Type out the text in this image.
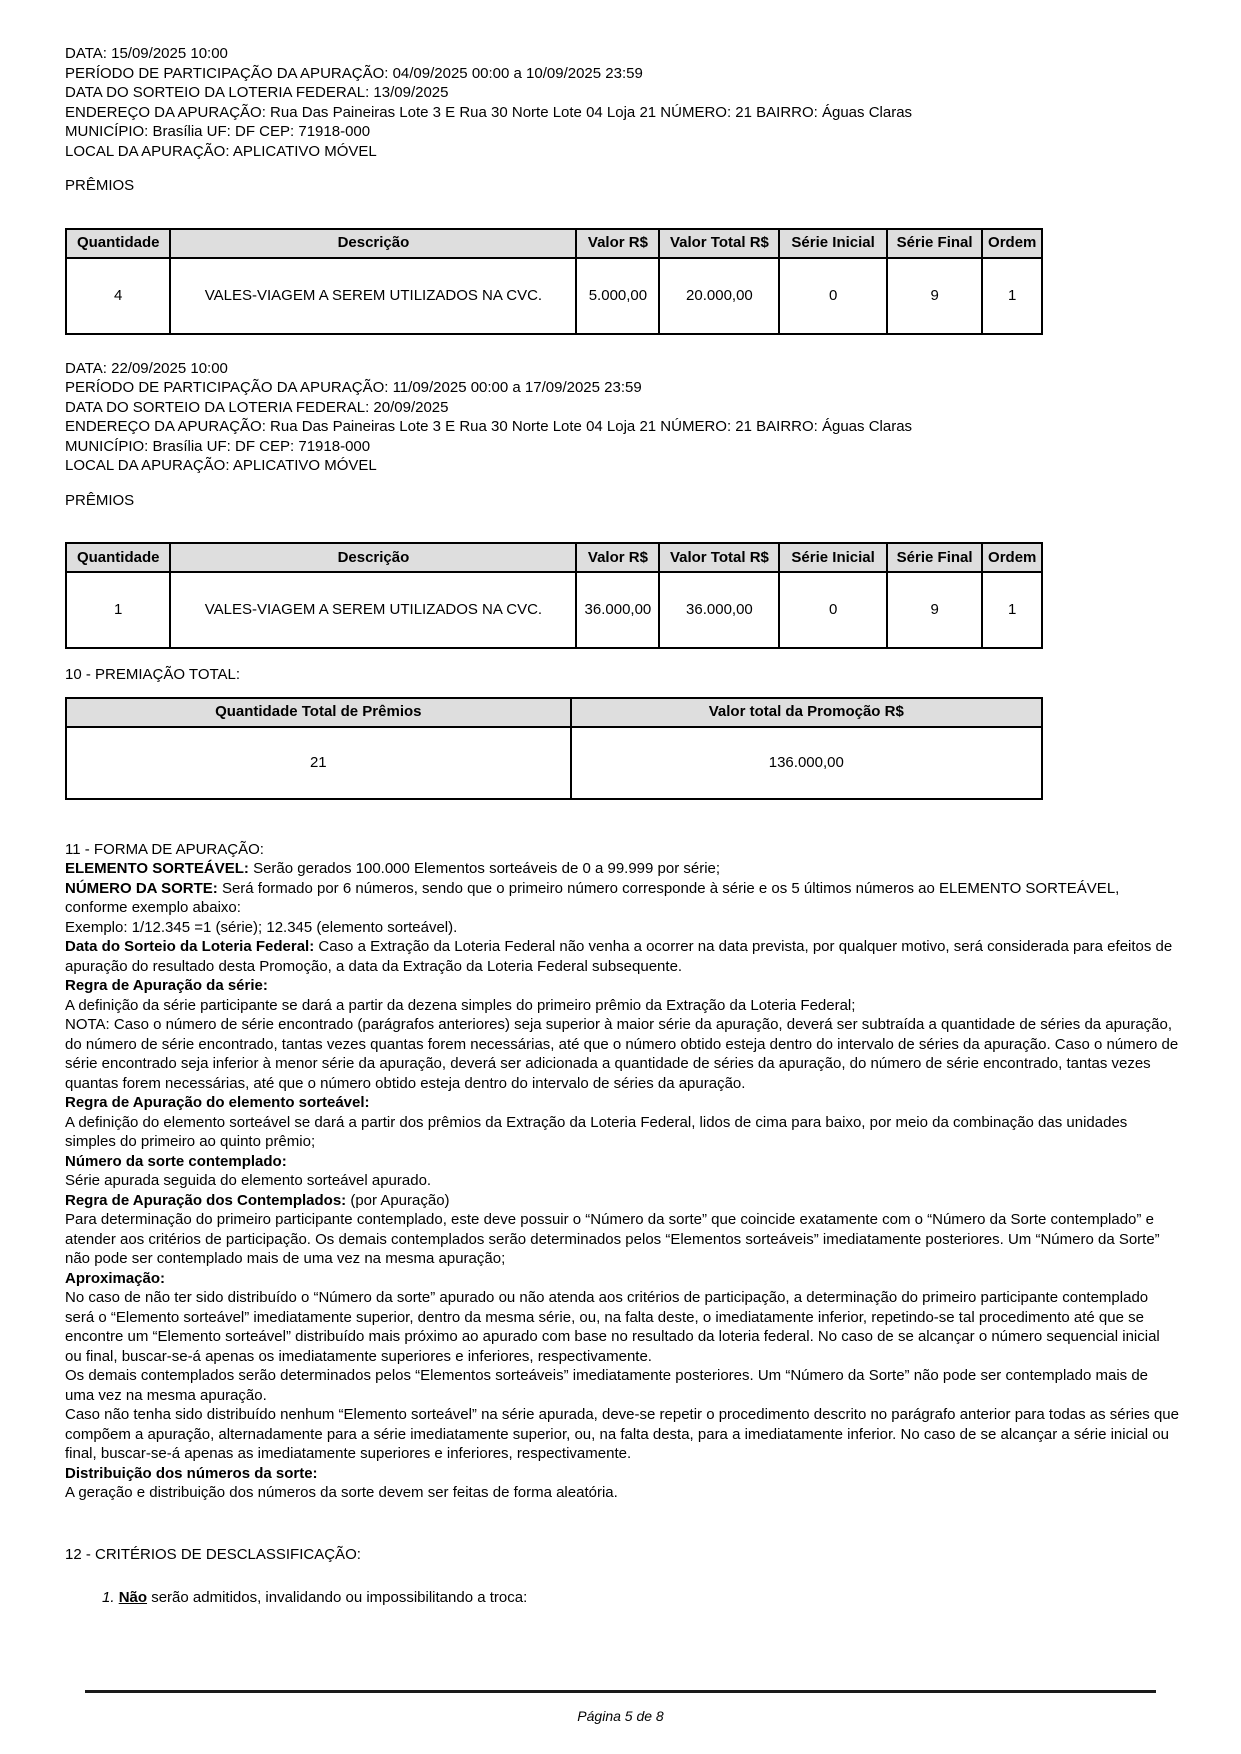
DATA: 15/09/2025 10:00

PERÍODO DE PARTICIPAÇÃO DA APURAÇÃO: 04/09/2025 00:00 a 10/09/2025 23:59

DATA DO SORTEIO DA LOTERIA FEDERAL: 13/09/2025

ENDEREÇO DA APURAÇÃO: Rua Das Paineiras Lote 3 E Rua 30 Norte Lote 04 Loja 21 NÚMERO: 21 BAIRRO: Águas Claras

MUNICÍPIO: Brasília UF: DF CEP: 71918-000

LOCAL DA APURAÇÃO: APLICATIVO MÓVEL

PRÊMIOS

Quantidade	Descrição	Valor R$	Valor Total R$	Série Inicial	Série Final	Ordem
4	VALES-VIAGEM A SEREM UTILIZADOS NA CVC.	5.000,00	20.000,00	0	9	1

DATA: 22/09/2025 10:00

PERÍODO DE PARTICIPAÇÃO DA APURAÇÃO: 11/09/2025 00:00 a 17/09/2025 23:59

DATA DO SORTEIO DA LOTERIA FEDERAL: 20/09/2025

ENDEREÇO DA APURAÇÃO: Rua Das Paineiras Lote 3 E Rua 30 Norte Lote 04 Loja 21 NÚMERO: 21 BAIRRO: Águas Claras

MUNICÍPIO: Brasília UF: DF CEP: 71918-000

LOCAL DA APURAÇÃO: APLICATIVO MÓVEL

PRÊMIOS

Quantidade	Descrição	Valor R$	Valor Total R$	Série Inicial	Série Final	Ordem
1	VALES-VIAGEM A SEREM UTILIZADOS NA CVC.	36.000,00	36.000,00	0	9	1

10 - PREMIAÇÃO TOTAL:

Quantidade Total de Prêmios	Valor total da Promoção R$
21	136.000,00

11 - FORMA DE APURAÇÃO:

ELEMENTO SORTEÁVEL: Serão gerados 100.000 Elementos sorteáveis de 0 a 99.999 por série;

NÚMERO DA SORTE: Será formado por 6 números, sendo que o primeiro número corresponde à série e os 5 últimos números ao ELEMENTO SORTEÁVEL, conforme exemplo abaixo:

Exemplo: 1/12.345 =1 (série); 12.345 (elemento sorteável).

Data do Sorteio da Loteria Federal: Caso a Extração da Loteria Federal não venha a ocorrer na data prevista, por qualquer motivo, será considerada para efeitos de apuração do resultado desta Promoção, a data da Extração da Loteria Federal subsequente.

Regra de Apuração da série:

A definição da série participante se dará a partir da dezena simples do primeiro prêmio da Extração da Loteria Federal;

NOTA: Caso o número de série encontrado (parágrafos anteriores) seja superior à maior série da apuração, deverá ser subtraída a quantidade de séries da apuração, do número de série encontrado, tantas vezes quantas forem necessárias, até que o número obtido esteja dentro do intervalo de séries da apuração. Caso o número de série encontrado seja inferior à menor série da apuração, deverá ser adicionada a quantidade de séries da apuração, do número de série encontrado, tantas vezes quantas forem necessárias, até que o número obtido esteja dentro do intervalo de séries da apuração.

Regra de Apuração do elemento sorteável:

A definição do elemento sorteável se dará a partir dos prêmios da Extração da Loteria Federal, lidos de cima para baixo, por meio da combinação das unidades simples do primeiro ao quinto prêmio;

Número da sorte contemplado:

Série apurada seguida do elemento sorteável apurado.

Regra de Apuração dos Contemplados: (por Apuração)

Para determinação do primeiro participante contemplado, este deve possuir o “Número da sorte” que coincide exatamente com o “Número da Sorte contemplado” e atender aos critérios de participação. Os demais contemplados serão determinados pelos “Elementos sorteáveis” imediatamente posteriores. Um “Número da Sorte” não pode ser contemplado mais de uma vez na mesma apuração;

Aproximação:

No caso de não ter sido distribuído o “Número da sorte” apurado ou não atenda aos critérios de participação, a determinação do primeiro participante contemplado será o “Elemento sorteável” imediatamente superior, dentro da mesma série, ou, na falta deste, o imediatamente inferior, repetindo-se tal procedimento até que se encontre um “Elemento sorteável” distribuído mais próximo ao apurado com base no resultado da loteria federal. No caso de se alcançar o número sequencial inicial ou final, buscar-se-á apenas os imediatamente superiores e inferiores, respectivamente.

Os demais contemplados serão determinados pelos “Elementos sorteáveis” imediatamente posteriores. Um “Número da Sorte” não pode ser contemplado mais de uma vez na mesma apuração.

Caso não tenha sido distribuído nenhum “Elemento sorteável” na série apurada, deve-se repetir o procedimento descrito no parágrafo anterior para todas as séries que compõem a apuração, alternadamente para a série imediatamente superior, ou, na falta desta, para a imediatamente inferior. No caso de se alcançar a série inicial ou final, buscar-se-á apenas as imediatamente superiores e inferiores, respectivamente.

Distribuição dos números da sorte:

A geração e distribuição dos números da sorte devem ser feitas de forma aleatória.

12 - CRITÉRIOS DE DESCLASSIFICAÇÃO:

1. Não serão admitidos, invalidando ou impossibilitando a troca:

Página 5 de 8
